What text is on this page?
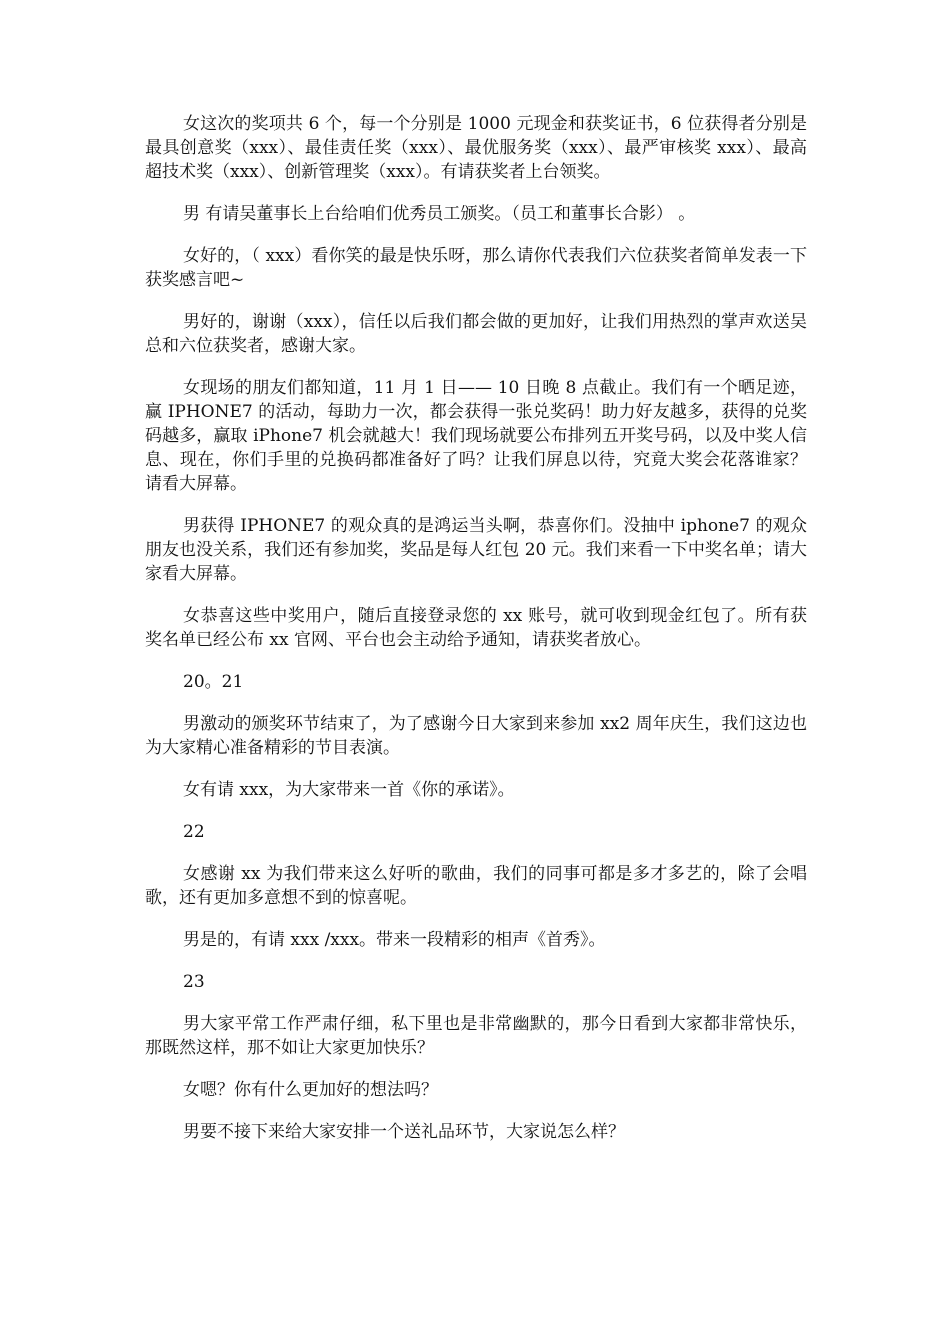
女这次的奖项共 6 个，每一个分别是 1000 元现金和获奖证书，6 位获得者分别是最具创意奖（xxx）、最佳责任奖（xxx）、最优服务奖（xxx）、最严审核奖 xxx）、最高超技术奖（xxx）、创新管理奖（xxx）。有请获奖者上台领奖。

男 有请吴董事长上台给咱们优秀员工颁奖。（员工和董事长合影） 。

女好的，（ xxx）看你笑的最是快乐呀，那么请你代表我们六位获奖者简单发表一下获奖感言吧~

男好的，谢谢（xxx），信任以后我们都会做的更加好，让我们用热烈的掌声欢送吴总和六位获奖者，感谢大家。

女现场的朋友们都知道，11 月 1 日—— 10 日晚 8 点截止。我们有一个晒足迹，赢 IPHONE7 的活动，每助力一次，都会获得一张兑奖码！助力好友越多，获得的兑奖码越多，赢取 iPhone7 机会就越大！我们现场就要公布排列五开奖号码，以及中奖人信息、现在，你们手里的兑换码都准备好了吗？让我们屏息以待，究竟大奖会花落谁家？请看大屏幕。

男获得 IPHONE7 的观众真的是鸿运当头啊，恭喜你们。没抽中 iphone7 的观众朋友也没关系，我们还有参加奖，奖品是每人红包 20 元。我们来看一下中奖名单；请大家看大屏幕。

女恭喜这些中奖用户，随后直接登录您的 xx 账号，就可收到现金红包了。所有获奖名单已经公布 xx 官网、平台也会主动给予通知，请获奖者放心。

20。21

男激动的颁奖环节结束了，为了感谢今日大家到来参加 xx2 周年庆生，我们这边也为大家精心准备精彩的节目表演。

女有请 xxx，为大家带来一首《你的承诺》。

22

女感谢 xx 为我们带来这么好听的歌曲，我们的同事可都是多才多艺的，除了会唱歌，还有更加多意想不到的惊喜呢。

男是的，有请 xxx /xxx。带来一段精彩的相声《首秀》。

23

男大家平常工作严肃仔细，私下里也是非常幽默的，那今日看到大家都非常快乐，那既然这样，那不如让大家更加快乐？

女嗯？你有什么更加好的想法吗？

男要不接下来给大家安排一个送礼品环节，大家说怎么样？
